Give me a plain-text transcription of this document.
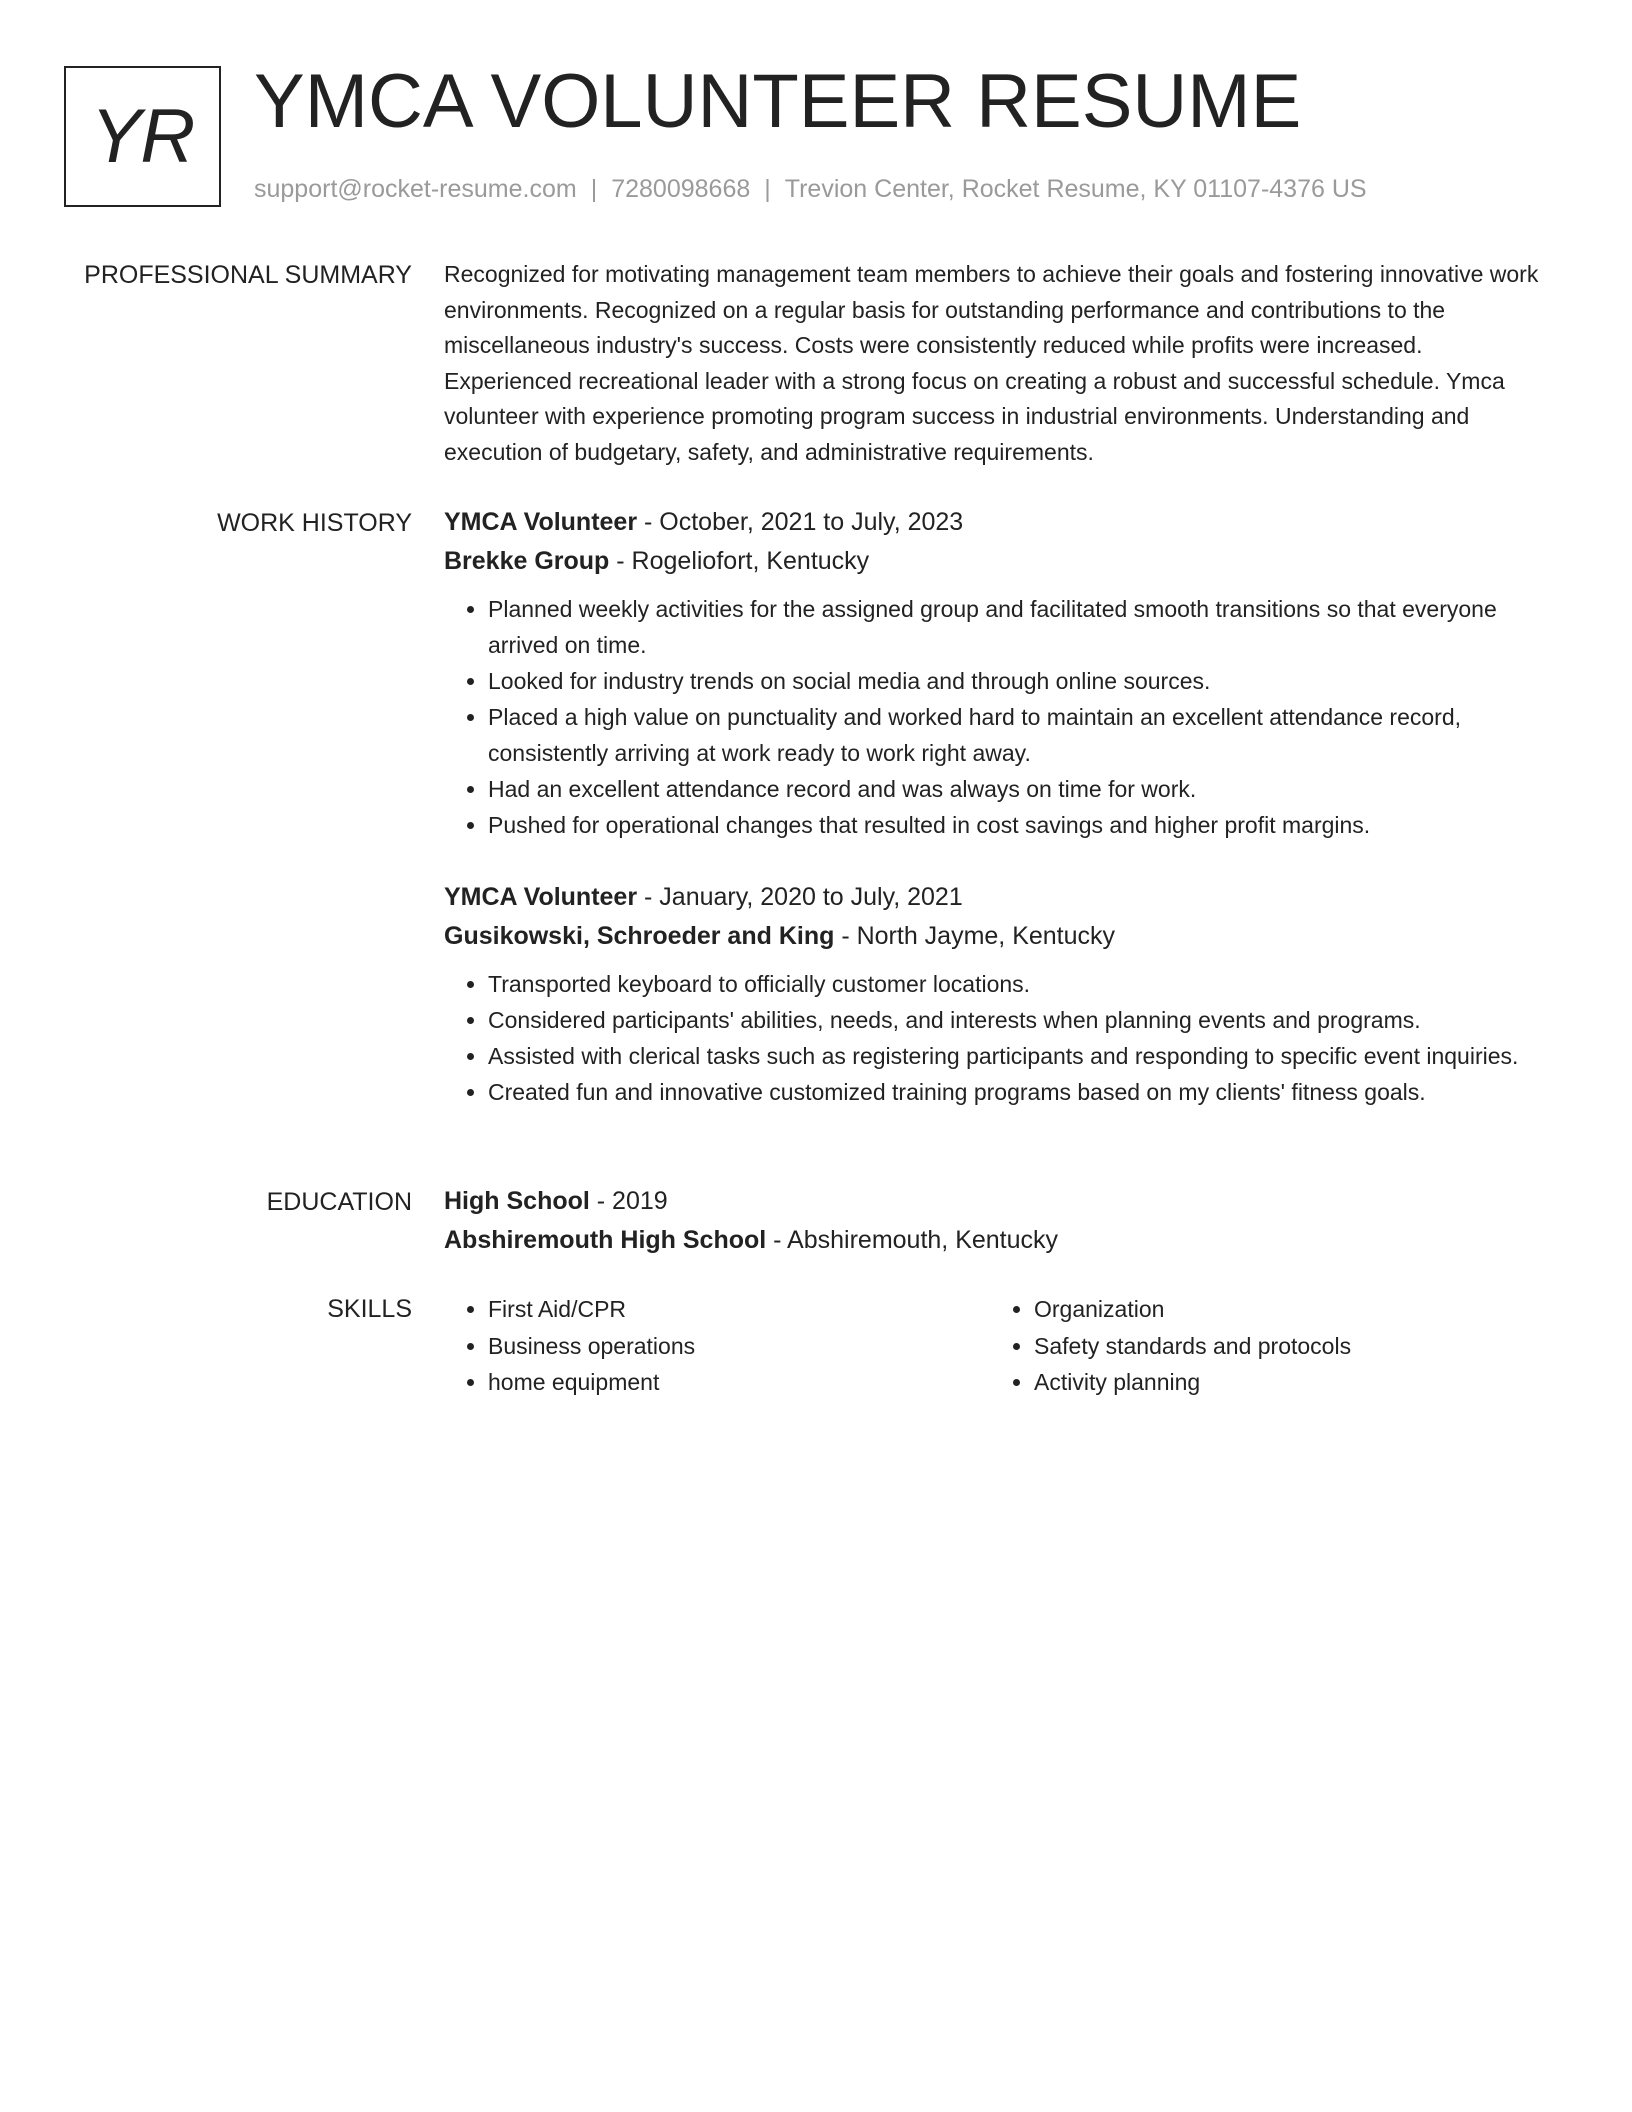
YR YMCA VOLUNTEER RESUME
support@rocket-resume.com | 7280098668 | Trevion Center, Rocket Resume, KY 01107-4376 US
PROFESSIONAL SUMMARY Recognized for motivating management team members to achieve their goals and fostering innovative work environments. Recognized on a regular basis for outstanding performance and contributions to the miscellaneous industry's success. Costs were consistently reduced while profits were increased. Experienced recreational leader with a strong focus on creating a robust and successful schedule. Ymca volunteer with experience promoting program success in industrial environments. Understanding and execution of budgetary, safety, and administrative requirements.

WORK HISTORY YMCA Volunteer - October, 2021 to July, 2023
Brekke Group - Rogeliofort, Kentucky
• Planned weekly activities for the assigned group and facilitated smooth transitions so that everyone arrived on time.
• Looked for industry trends on social media and through online sources.
• Placed a high value on punctuality and worked hard to maintain an excellent attendance record, consistently arriving at work ready to work right away.
• Had an excellent attendance record and was always on time for work.
• Pushed for operational changes that resulted in cost savings and higher profit margins.
YMCA Volunteer - January, 2020 to July, 2021
Gusikowski, Schroeder and King - North Jayme, Kentucky
• Transported keyboard to officially customer locations.
• Considered participants' abilities, needs, and interests when planning events and programs.
• Assisted with clerical tasks such as registering participants and responding to specific event inquiries.
• Created fun and innovative customized training programs based on my clients' fitness goals.
EDUCATION High School - 2019
Abshiremouth High School - Abshiremouth, Kentucky
SKILLS
•	First Aid/CPR
• Business operations
• home equipment
• Organization
• Safety standards and protocols
• Activity planning
